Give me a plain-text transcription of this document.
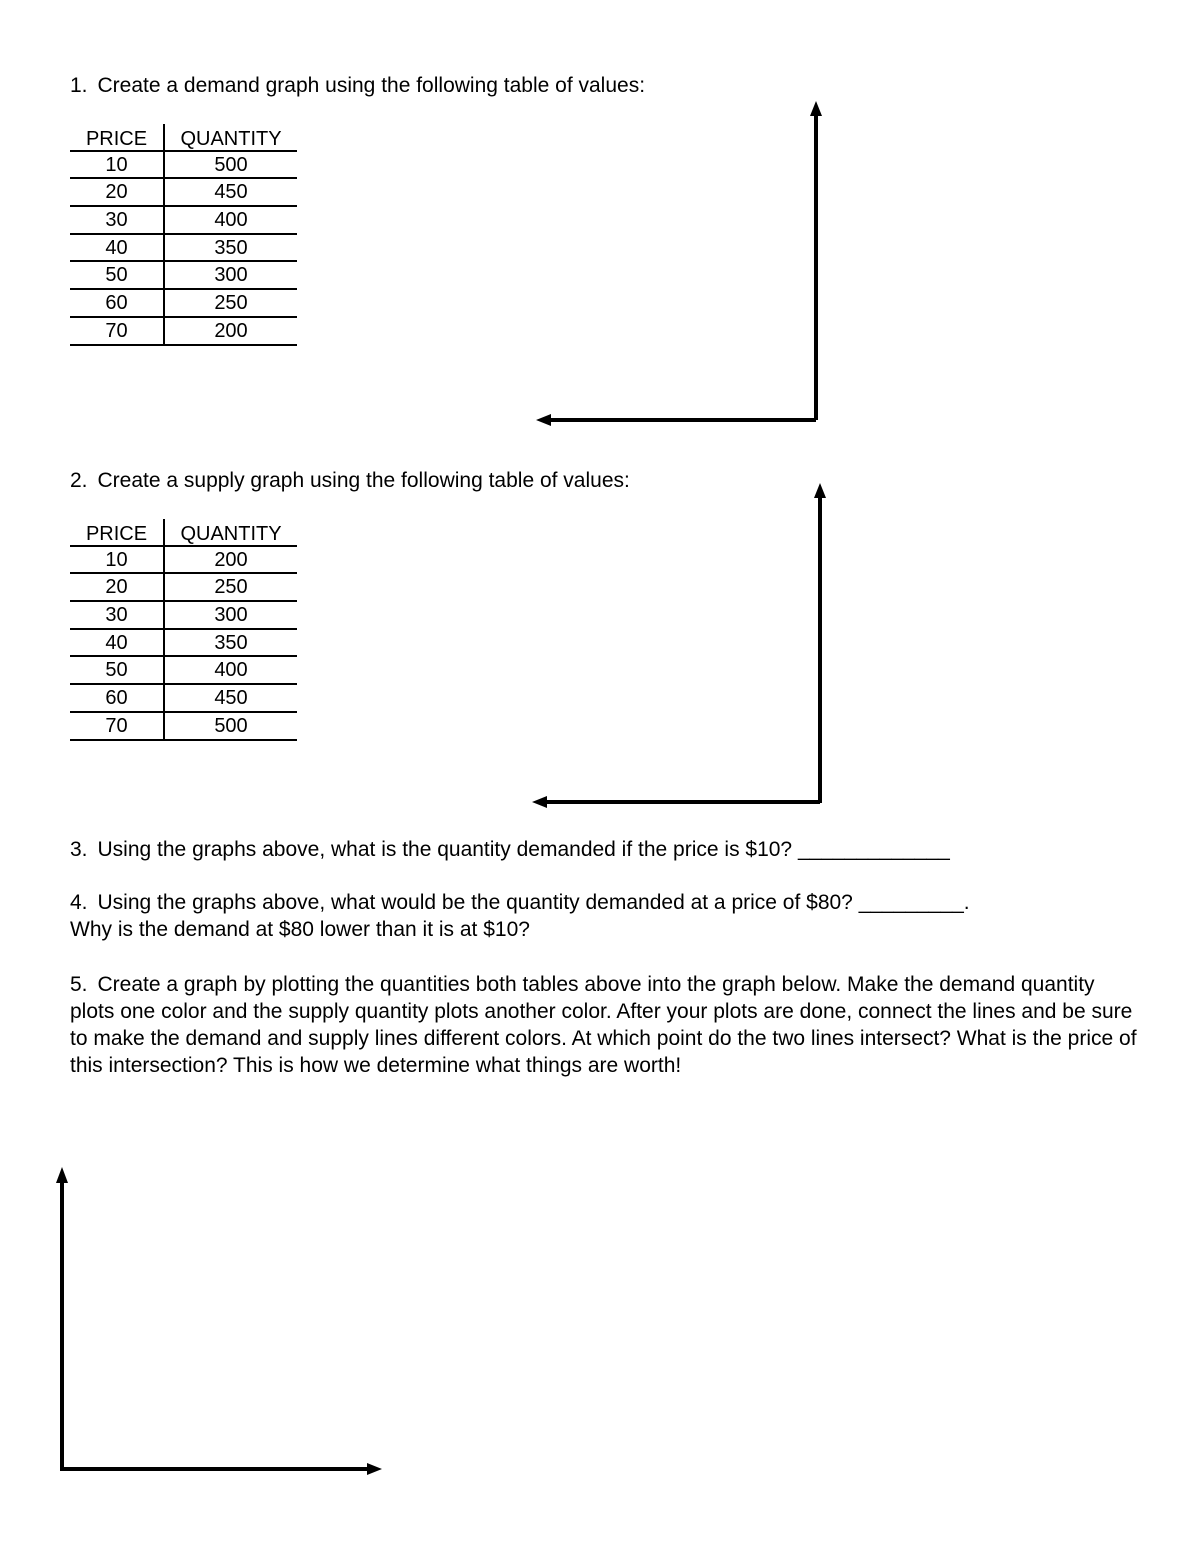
1. Create a demand graph using the following table of values:

PRICE	QUANTITY
10	500
20	450
30	400
40	350
50	300
60	250
70	200

2. Create a supply graph using the following table of values:

PRICE	QUANTITY
10	200
20	250
30	300
40	350
50	400
60	450
70	500

3. Using the graphs above, what is the quantity demanded if the price is $10? _____________

4. Using the graphs above, what would be the quantity demanded at a price of $80? _________.
Why is the demand at $80 lower than it is at $10?

5. Create a graph by plotting the quantities both tables above into the graph below. Make the demand quantity plots one color and the supply quantity plots another color. After your plots are done, connect the lines and be sure to make the demand and supply lines different colors. At which point do the two lines intersect? What is the price of this intersection? This is how we determine what things are worth!
